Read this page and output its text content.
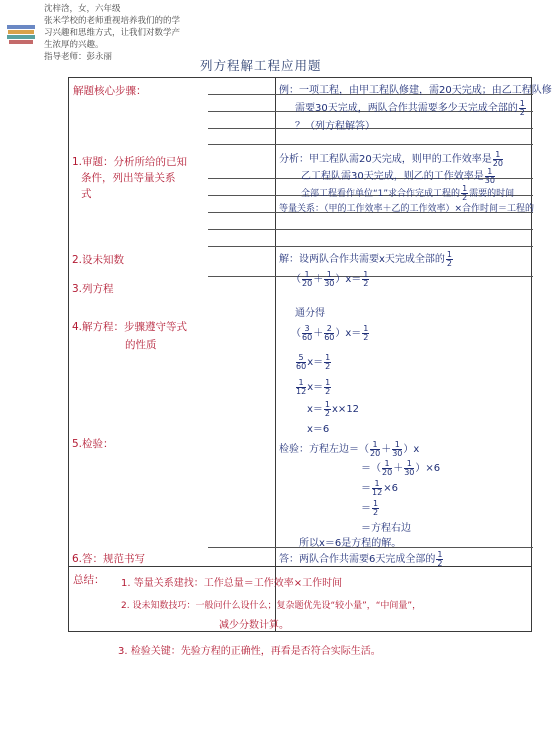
沈梓浛，女，六年级
张米学校的老师重视培养我们的的学
习兴趣和思维方式，让我们对数学产
生浓厚的兴趣。
指导老师：彭永丽
列方程解工程应用题
解题核心步骤：
1.审题：分析所给的已知
条件，列出等量关系
式
2.设未知数
3.列方程
4.解方程：步骤遵守等式
的性质
5.检验：
6.答：规范书写
例：一项工程，由甲工程队修建，需20天完成；由乙工程队修
需要30天完成，两队合作共需要多少天完成全部的 $\frac{1}{2}$
？（列方程解答）
分析：甲工程队需20天完成，则甲的工作效率是 $\frac{1}{20}$
乙工程队需30天完成，则乙的工作效率是 $\frac{1}{30}$
全部工程看作单位“1”求合作完成工程的 $\frac{1}{2}$ 需要的时间
等量关系：（甲的工作效率＋乙的工作效率）×合作时间＝工程的
解：设两队合作共需要x天完成全部的 $\frac{1}{2}$
（ $\frac{1}{20} + \frac{1}{30} )x= \frac{1}{2}$
通分得
（ $\frac{3}{60} + \frac{2}{60} )x= \frac{1}{2}$
$\frac{5}{60} x= \frac{1}{2}$
$\frac{1}{12} x= \frac{1}{2}$
$x= \frac{1}{2} x\times 12$
x＝6
检验：方程左边＝（ $\frac{1}{20} + \frac{1}{30} )x$
＝（ $\frac{1}{20} + \frac{1}{30} )\times 6$
＝ $\frac{1}{12} \times 6$
＝ $\frac{1}{2}$
＝方程右边
所以x＝6是方程的解。
答：两队合作共需要6天完成全部的 $\frac{1}{2}$
总结： 1. 等量关系建找：工作总量＝工作效率×工作时间
2. 设未知数技巧：一般问什么设什么；复杂题优先设“较小量”，“中间量”，
减少分数计算。
3. 检验关键：先验方程的正确性，再看是否符合实际生活。
